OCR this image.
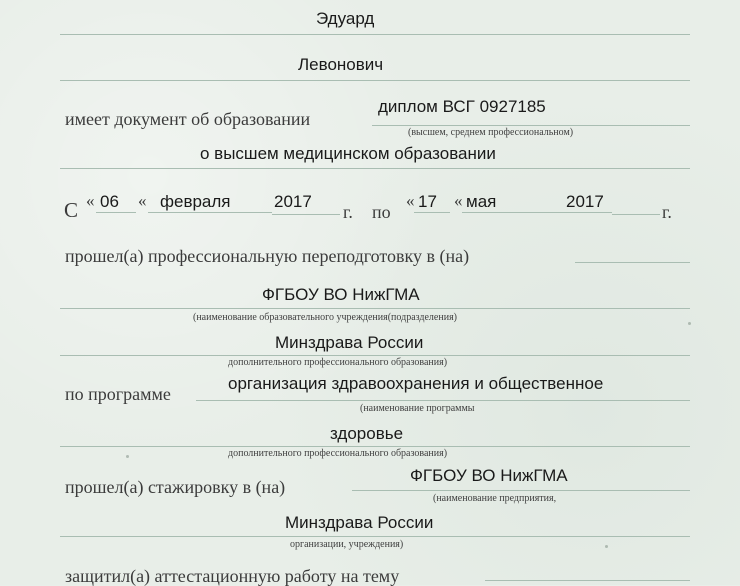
Эдуард
Левонович
имеет документ об образовании
диплом ВСГ 0927185
(высшем, среднем профессиональном)
о высшем медицинском образовании
С « 06 « февраля	2017
г. по
« 17 « мая	2017
г.
прошел(а) профессиональную переподготовку в (на)
ФГБОУ ВО НижГМА
(наименование образовательного учреждения(подразделения)
Минздрава России
дополнительного профессионального образования)
по программе
организация здравоохранения и общественное
(наименование программы
здоровье
дополнительного профессионального образования)
прошел(а) стажировку в (на)
ФГБОУ ВО НижГМА
(наименование предприятия,
Минздрава России
организации, учреждения)
защитил(а) аттестационную работу на тему
